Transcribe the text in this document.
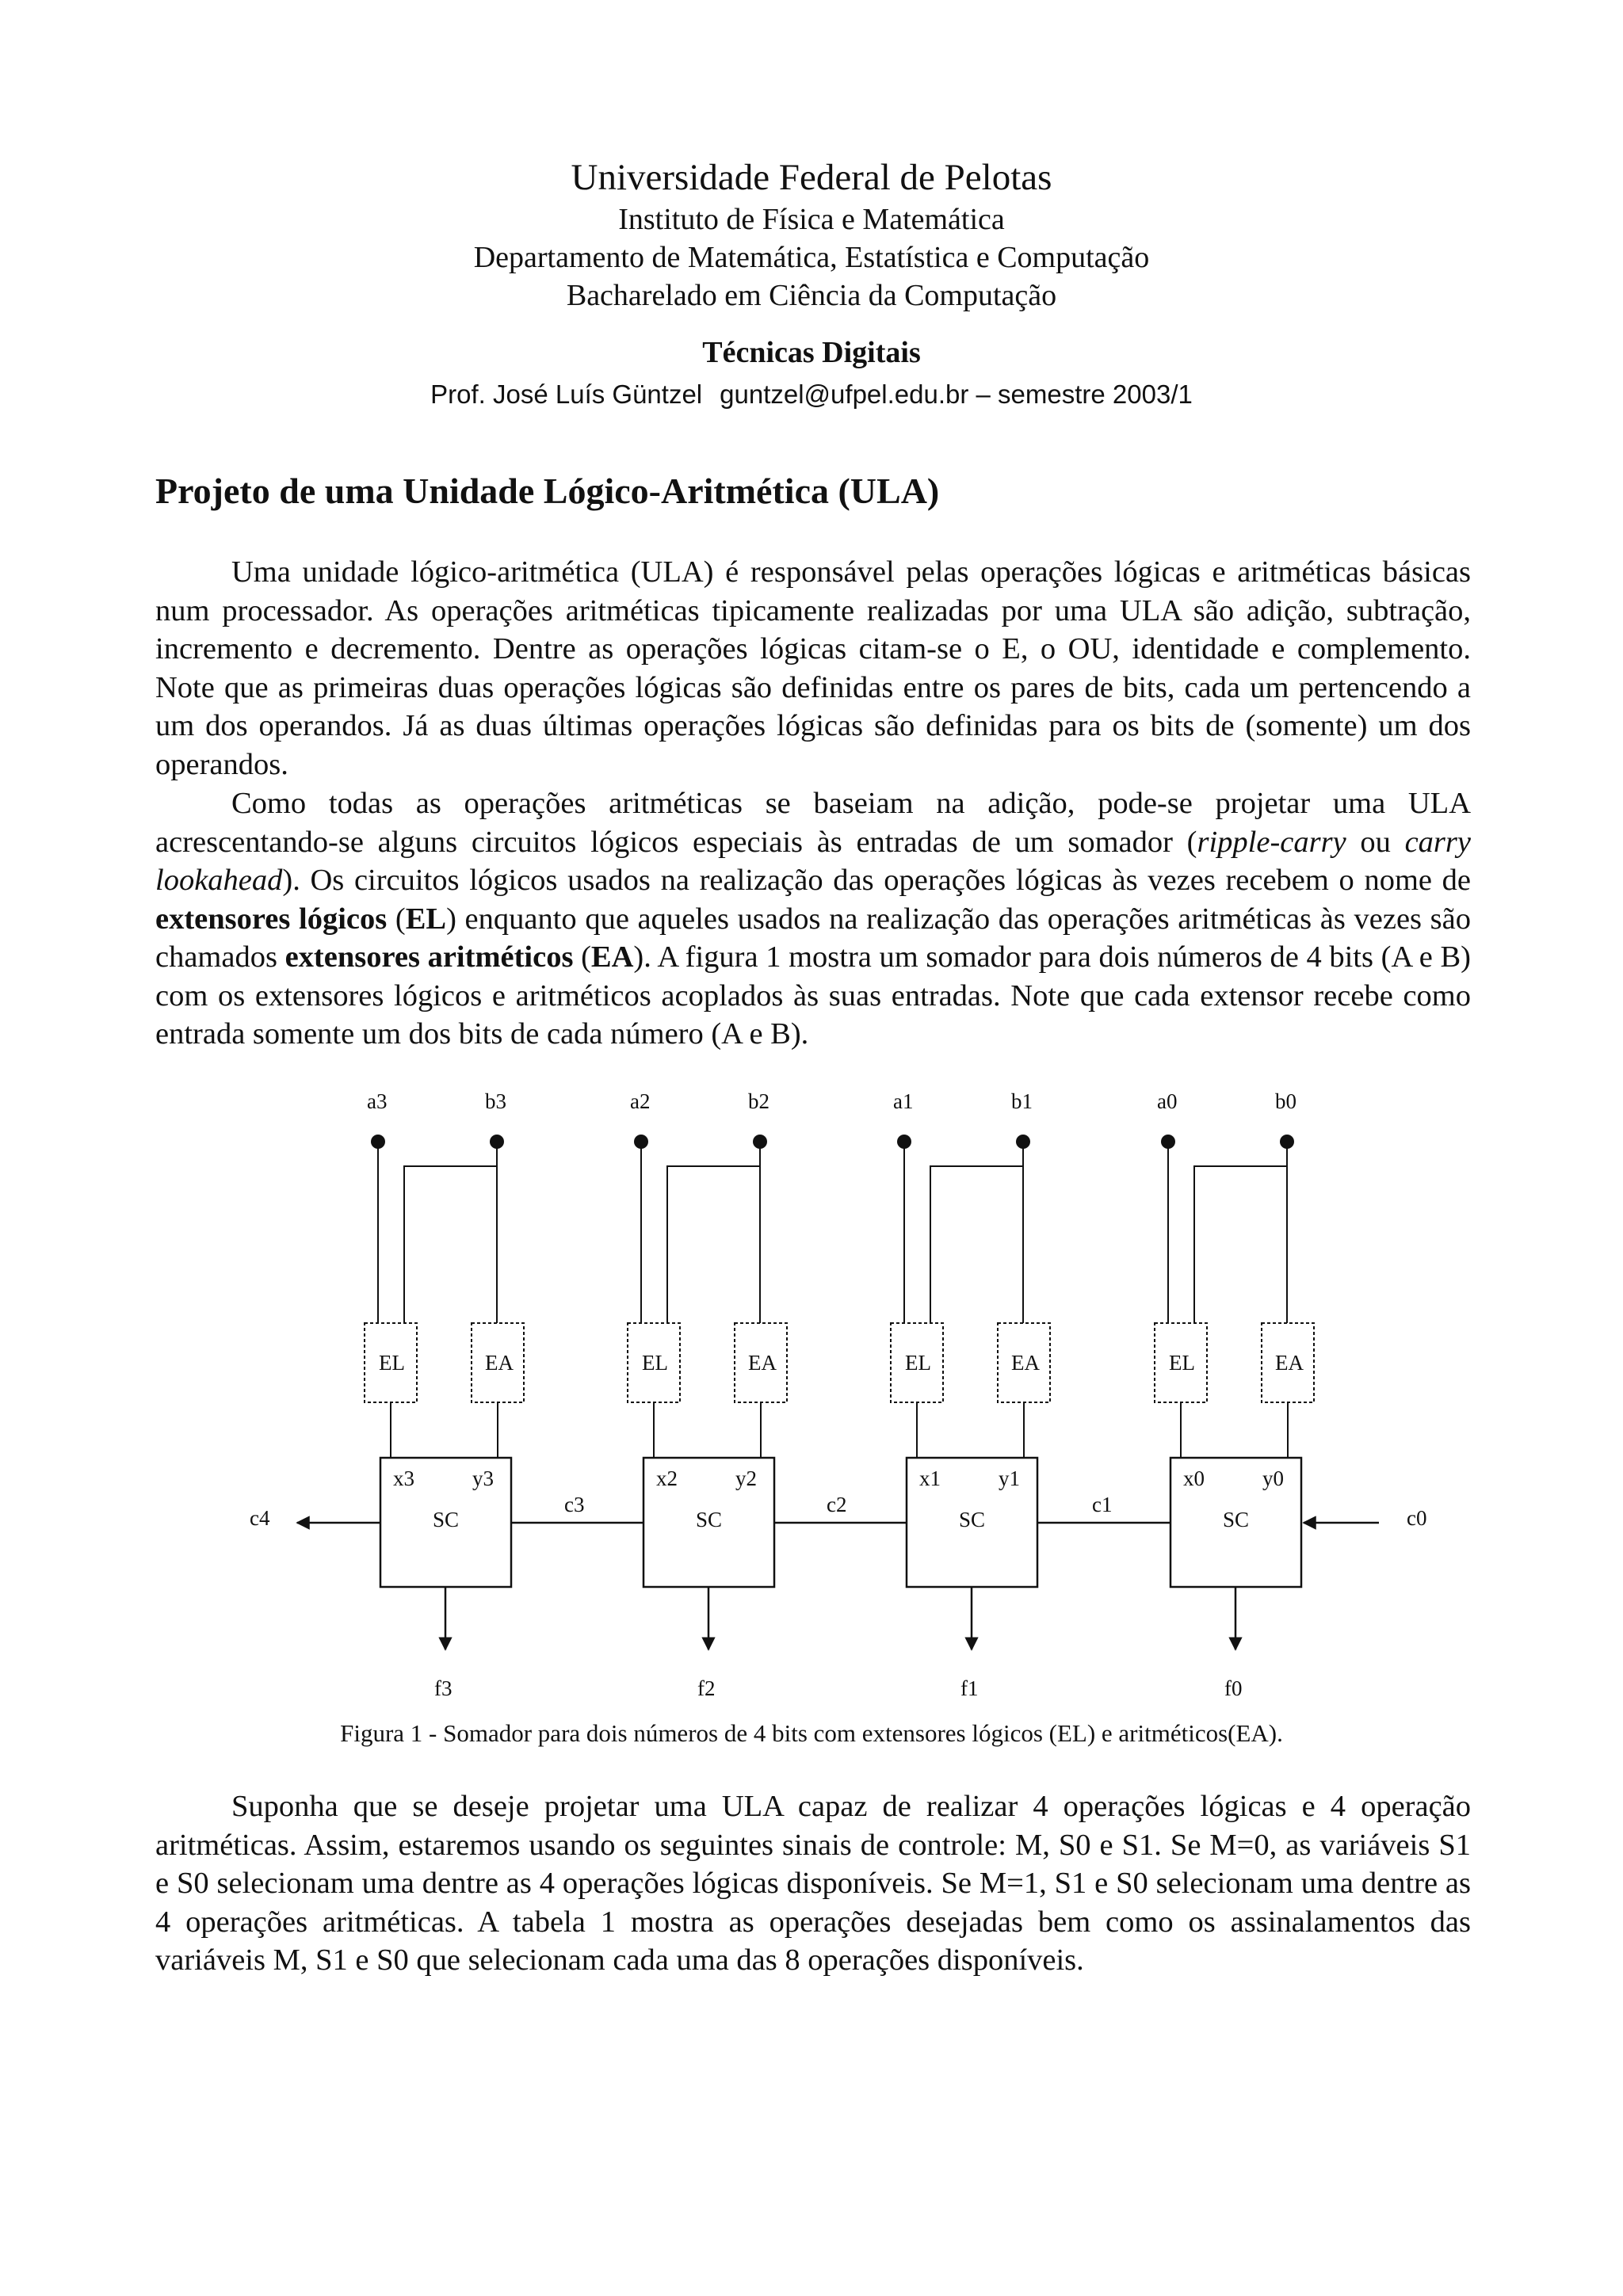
Universidade Federal de Pelotas
Instituto de Física e Matemática
Departamento de Matemática, Estatística e Computação
Bacharelado em Ciência da Computação
Técnicas Digitais
Prof. José Luís Güntzel guntzel@ufpel.edu.br – semestre 2003/1
Projeto de uma Unidade Lógico-Aritmética (ULA)

Uma unidade lógico-aritmética (ULA) é responsável pelas operações lógicas e aritméticas básicas num processador. As operações aritméticas tipicamente realizadas por uma ULA são adição, subtração, incremento e decremento. Dentre as operações lógicas citam-se o E, o OU, identidade e complemento. Note que as primeiras duas operações lógicas são definidas entre os pares de bits, cada um pertencendo a um dos operandos. Já as duas últimas operações lógicas são definidas para os bits de (somente) um dos operandos.

Como todas as operações aritméticas se baseiam na adição, pode-se projetar uma ULA acrescentando-se alguns circuitos lógicos especiais às entradas de um somador (ripple-carry ou carry lookahead). Os circuitos lógicos usados na realização das operações lógicas às vezes recebem o nome de extensores lógicos (EL) enquanto que aqueles usados na realização das operações aritméticas às vezes são chamados extensores aritméticos (EA). A figura 1 mostra um somador para dois números de 4 bits (A e B) com os extensores lógicos e aritméticos acoplados às suas entradas. Note que cada extensor recebe como entrada somente um dos bits de cada número (A e B).

c4
c3	c2	c1
c0
a3	b3
EL	EA
x3	y3
SC
f3
a2	b2
EL	EA
x2	y2
SC
f2
a1	b1
EL	EA
x1	y1
SC
f1
a0	b0
EL	EA
x0	y0
SC
f0
Figura 1 - Somador para dois números de 4 bits com extensores lógicos (EL) e aritméticos(EA).

Suponha que se deseje projetar uma ULA capaz de realizar 4 operações lógicas e 4 operação aritméticas. Assim, estaremos usando os seguintes sinais de controle: M, S0 e S1. Se M=0, as variáveis S1 e S0 selecionam uma dentre as 4 operações lógicas disponíveis. Se M=1, S1 e S0 selecionam uma dentre as 4 operações aritméticas. A tabela 1 mostra as operações desejadas bem como os assinalamentos das variáveis M, S1 e S0 que selecionam cada uma das 8 operações disponíveis.
